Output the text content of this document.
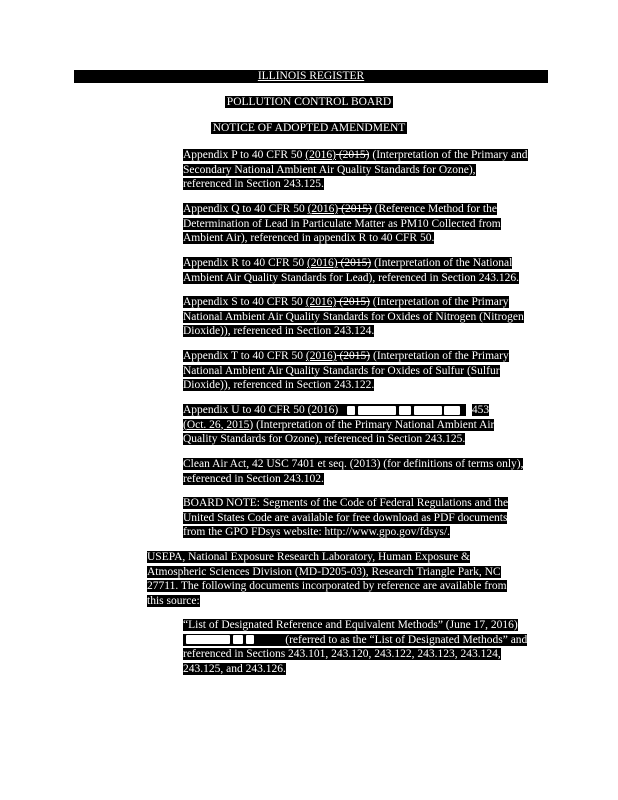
ILLINOIS REGISTER
POLLUTION CONTROL BOARD
NOTICE OF ADOPTED AMENDMENT
Appendix P to 40 CFR 50 (2016) (2015) (Interpretation of the Primary and
Secondary National Ambient Air Quality Standards for Ozone),
referenced in Section 243.125.
Appendix Q to 40 CFR 50 (2016) (2015) (Reference Method for the
Determination of Lead in Particulate Matter as PM10 Collected from
Ambient Air), referenced in appendix R to 40 CFR 50.
Appendix R to 40 CFR 50 (2016) (2015) (Interpretation of the National
Ambient Air Quality Standards for Lead), referenced in Section 243.126.
Appendix S to 40 CFR 50 (2016) (2015) (Interpretation of the Primary
National Ambient Air Quality Standards for Oxides of Nitrogen (Nitrogen
Dioxide)), referenced in Section 243.124.
Appendix T to 40 CFR 50 (2016) (2015) (Interpretation of the Primary
National Ambient Air Quality Standards for Oxides of Sulfur (Sulfur
Dioxide)), referenced in Section 243.122.
Appendix U to 40 CFR 50 (2016)	453
(Oct. 26, 2015) (Interpretation of the Primary National Ambient Air
Quality Standards for Ozone), referenced in Section 243.125.
Clean Air Act, 42 USC 7401 et seq. (2013) (for definitions of terms only),
referenced in Section 243.102.
BOARD NOTE: Segments of the Code of Federal Regulations and the
United States Code are available for free download as PDF documents
from the GPO FDsys website: http://www.gpo.gov/fdsys/.
USEPA, National Exposure Research Laboratory, Human Exposure &
Atmospheric Sciences Division (MD-D205-03), Research Triangle Park, NC
27711. The following documents incorporated by reference are available from
this source:
“List of Designated Reference and Equivalent Methods” (June 17, 2016)
(referred to as the “List of Designated Methods” and
referenced in Sections 243.101, 243.120, 243.122, 243.123, 243.124,
243.125, and 243.126.
